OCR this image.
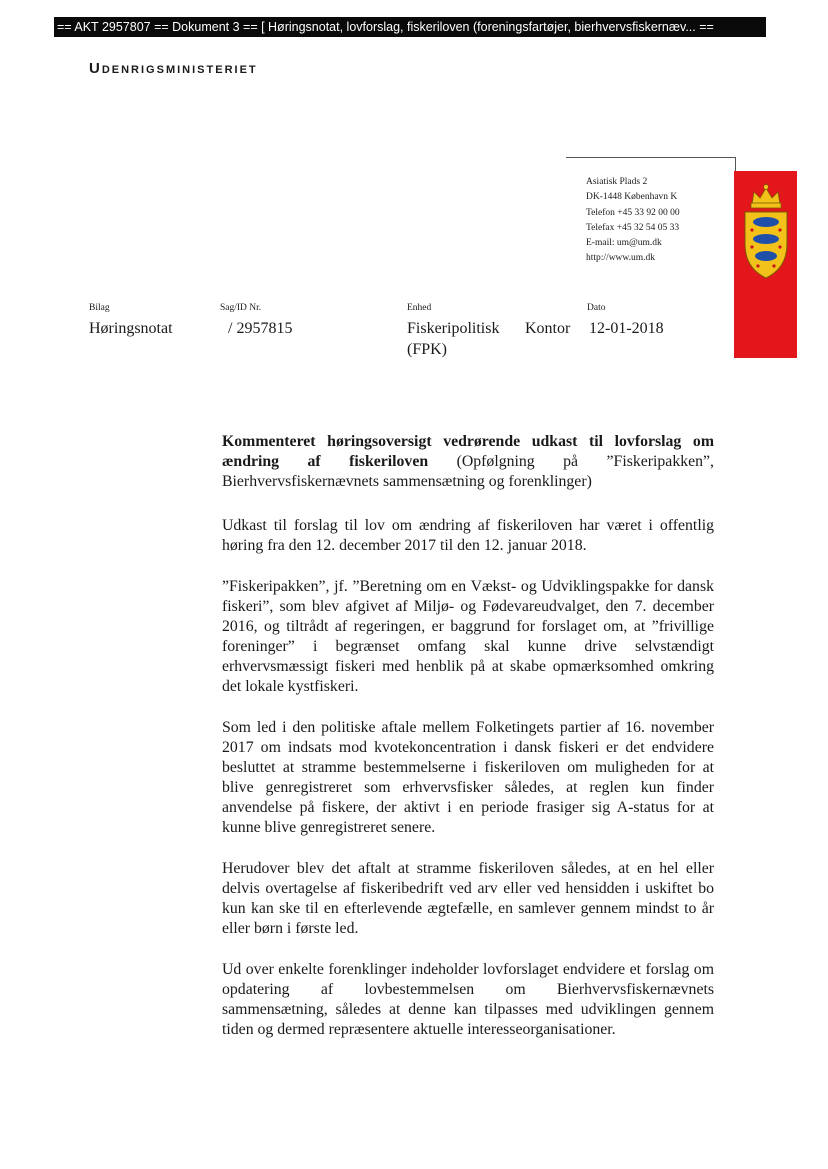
== AKT 2957807 == Dokument 3 == [ Høringsnotat, lovforslag, fiskeriloven (foreningsfartøjer, bierhvervsfiskernæv... ==
Udenrigsministeriet
Asiatisk Plads 2
DK-1448 København K
Telefon +45 33 92 00 00
Telefax +45 32 54 05 33
E-mail: um@um.dk
http://www.um.dk
Bilag
Høringsnotat
Sag/ID Nr.
/ 2957815
Enhed
Fiskeripolitisk Kontor
(FPK)
Dato
12-01-2018
Kommenteret høringsoversigt vedrørende udkast til lovforslag om ændring af fiskeriloven (Opfølgning på ”Fiskeripakken”, Bierhvervsfiskernævnets sammensætning og forenklinger)

Udkast til forslag til lov om ændring af fiskeriloven har været i offentlig høring fra den 12. december 2017 til den 12. januar 2018.

”Fiskeripakken”, jf. ”Beretning om en Vækst- og Udviklingspakke for dansk fiskeri”, som blev afgivet af Miljø- og Fødevareudvalget, den 7. december 2016, og tiltrådt af regeringen, er baggrund for forslaget om, at ”frivillige foreninger” i begrænset omfang skal kunne drive selvstændigt erhvervsmæssigt fiskeri med henblik på at skabe opmærksomhed omkring det lokale kystfiskeri.

Som led i den politiske aftale mellem Folketingets partier af 16. november 2017 om indsats mod kvotekoncentration i dansk fiskeri er det endvidere besluttet at stramme bestemmelserne i fiskeriloven om muligheden for at blive genregistreret som erhvervsfisker således, at reglen kun finder anvendelse på fiskere, der aktivt i en periode frasiger sig A-status for at kunne blive genregistreret senere.

Herudover blev det aftalt at stramme fiskeriloven således, at en hel eller delvis overtagelse af fiskeribedrift ved arv eller ved hensidden i uskiftet bo kun kan ske til en efterlevende ægtefælle, en samlever gennem mindst to år eller børn i første led.

Ud over enkelte forenklinger indeholder lovforslaget endvidere et forslag om opdatering af lovbestemmelsen om Bierhvervsfiskernævnets sammensætning, således at denne kan tilpasses med udviklingen gennem tiden og dermed repræsentere aktuelle interesseorganisationer.
